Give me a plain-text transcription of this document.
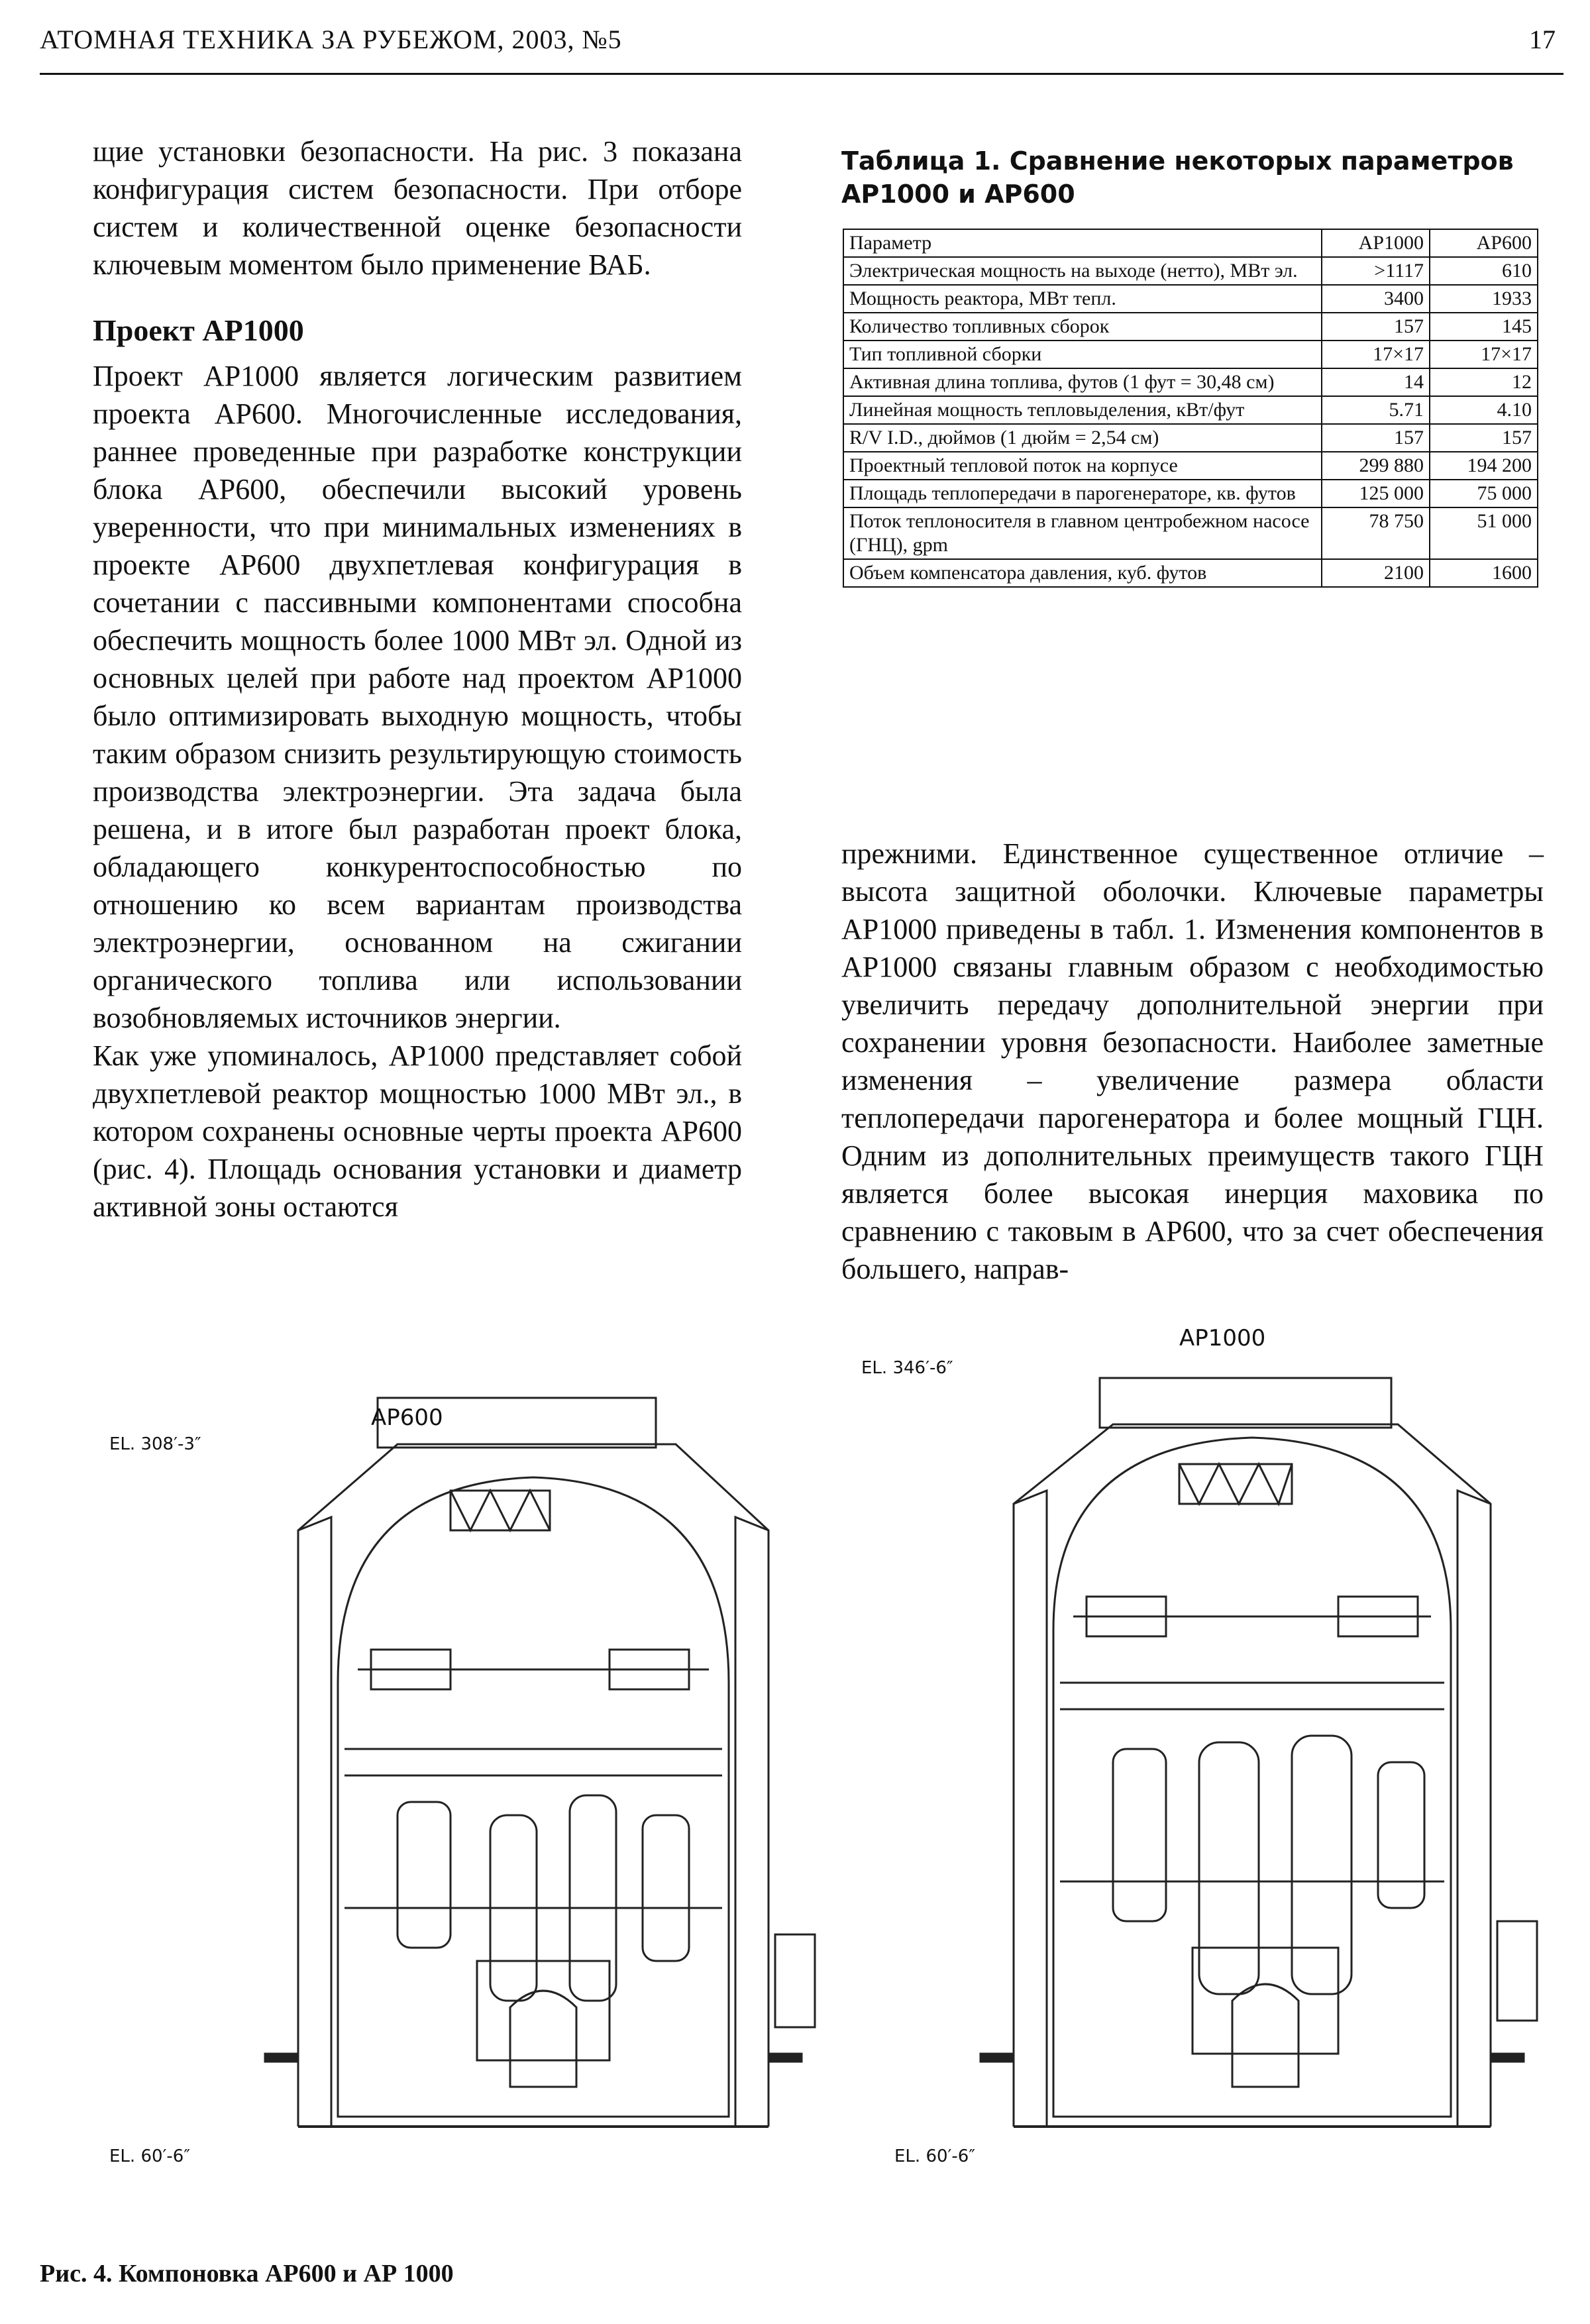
АТОМНАЯ ТЕХНИКА ЗА РУБЕЖОМ, 2003, №5	17

щие установки безопасности. На рис. 3 показана конфигурация систем безопасности. При отборе систем и количественной оценке безопасности ключевым моментом было применение ВАБ.

Проект АР1000

Проект АР1000 является логическим развитием проекта АР600. Многочисленные исследования, раннее проведенные при разработке конструкции блока АР600, обеспечили высокий уровень уверенности, что при минимальных изменениях в проекте АР600 двухпетлевая конфигурация в сочетании с пассивными компонентами способна обеспечить мощность более 1000 МВт эл. Одной из основных целей при работе над проектом АР1000 было оптимизировать выходную мощность, чтобы таким образом снизить результирующую стоимость производства электроэнергии. Эта задача была решена, и в итоге был разработан проект блока, обладающего конкурентоспособностью по отношению ко всем вариантам производства электроэнергии, основанном на сжигании органического топлива или использовании возобновляемых источников энергии.

Как уже упоминалось, АР1000 представляет собой двухпетлевой реактор мощностью 1000 МВт эл., в котором сохранены основные черты проекта АР600 (рис. 4). Площадь основания установки и диаметр активной зоны остаются

Таблица 1. Сравнение некоторых параметров АР1000 и АР600
Параметр	АР1000	АР600
Электрическая мощность на выходе (нетто), МВт эл.	>1117	610
Мощность реактора, МВт тепл.	3400	1933
Количество топливных сборок	157	145
Тип топливной сборки	17×17	17×17
Активная длина топлива, футов (1 фут = 30,48 см)	14	12
Линейная мощность тепловыделения, кВт/фут	5.71	4.10
R/V I.D., дюймов (1 дюйм = 2,54 см)	157	157
Проектный тепловой поток на корпусе	299 880	194 200
Площадь теплопередачи в парогенераторе, кв. футов	125 000	75 000
Поток теплоносителя в главном центробежном насосе (ГНЦ), gpm	78 750	51 000
Объем компенсатора давления, куб. футов	2100	1600

прежними. Единственное существенное отличие – высота защитной оболочки. Ключевые параметры АР1000 приведены в табл. 1. Изменения компонентов в АР1000 связаны главным образом с необходимостью увеличить передачу дополнительной энергии при сохранении уровня безопасности. Наиболее заметные изменения – увеличение размера области теплопередачи парогенератора и более мощный ГЦН. Одним из дополнительных преимуществ такого ГЦН является более высокая инерция маховика по сравнению с таковым в АР600, что за счет обеспечения большего, направ-

АР600
EL. 308′-3″
EL. 60′-6″
АР1000
EL. 346′-6″
EL. 60′-6″
Рис. 4. Компоновка АР600 и АР 1000
